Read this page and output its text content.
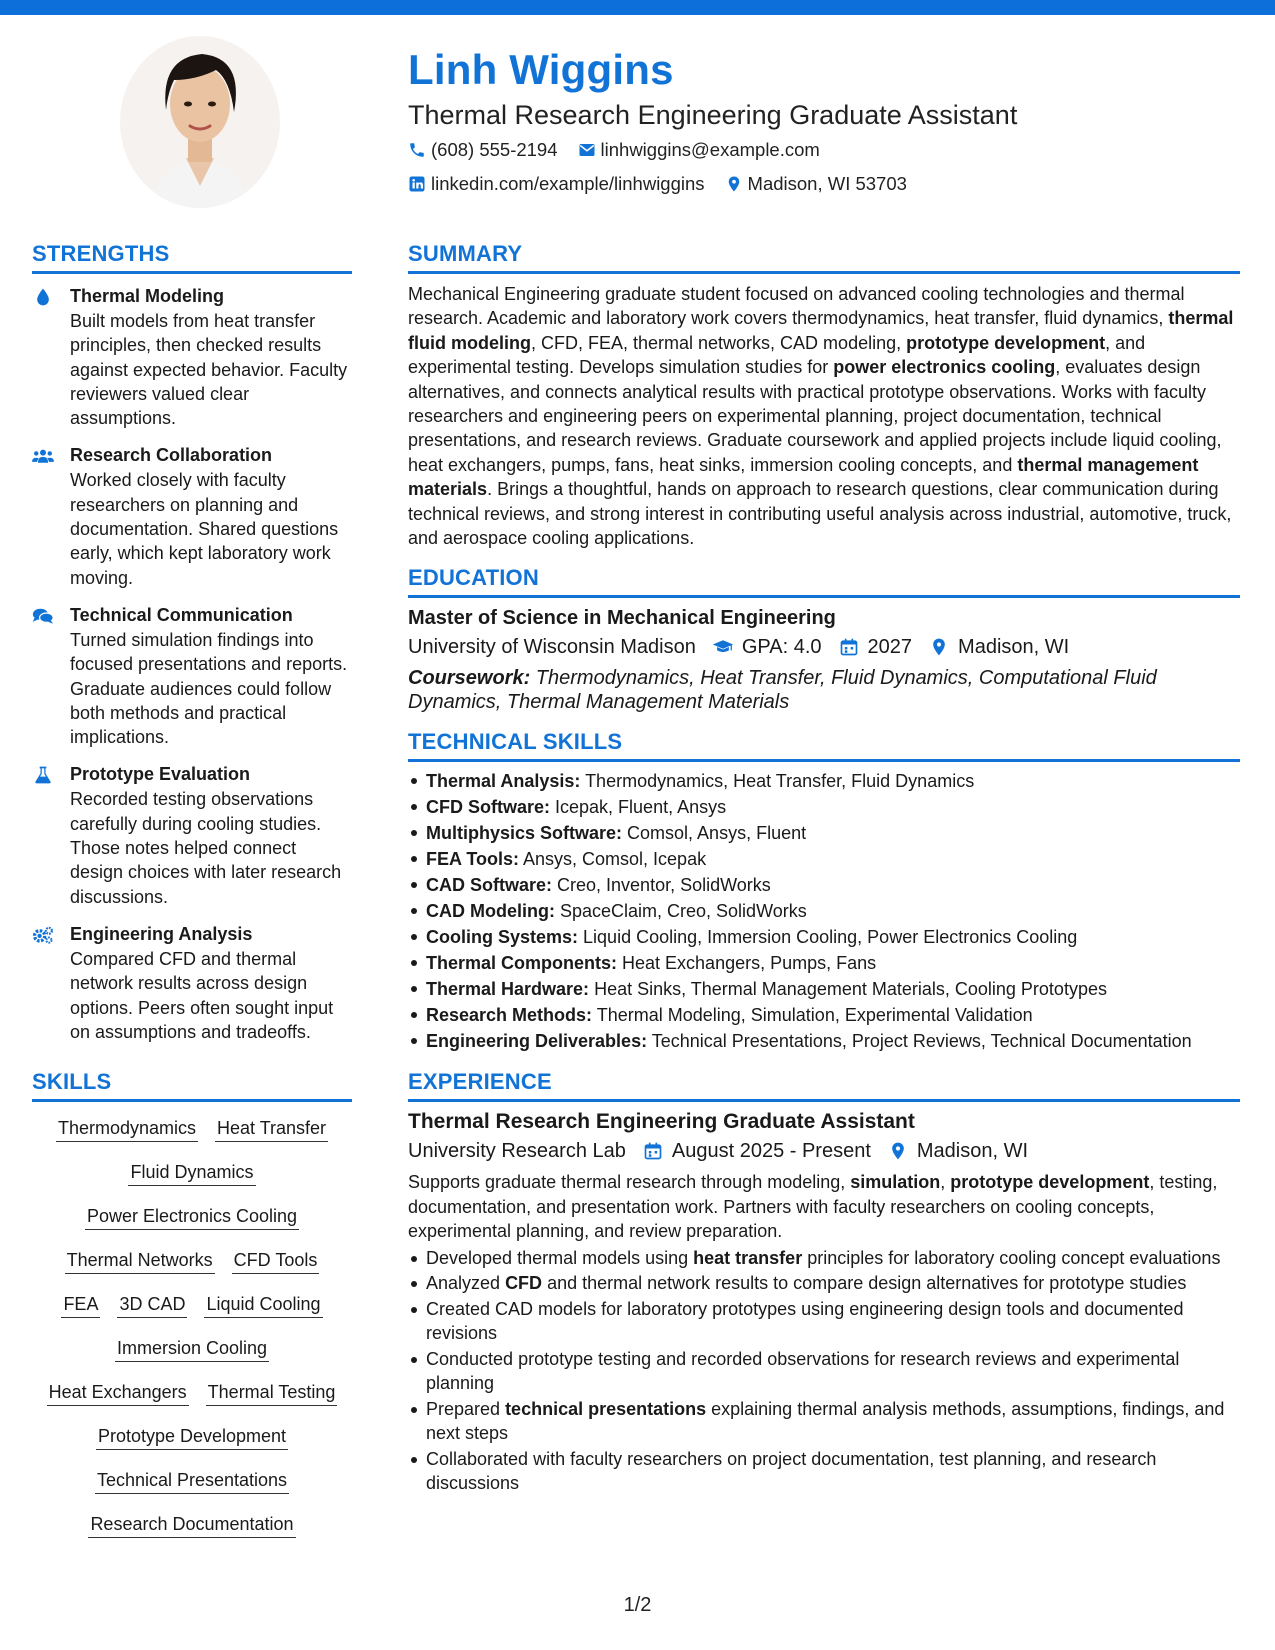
Linh Wiggins
Thermal Research Engineering Graduate Assistant
(608) 555-2194 linhwiggins@example.com
linkedin.com/example/linhwiggins Madison, WI 53703
STRENGTHS
Thermal Modeling
Built models from heat transfer principles, then checked results against expected behavior. Faculty reviewers valued clear assumptions.
Research Collaboration
Worked closely with faculty researchers on planning and documentation. Shared questions early, which kept laboratory work moving.
Technical Communication
Turned simulation findings into focused presentations and reports. Graduate audiences could follow both methods and practical implications.
Prototype Evaluation
Recorded testing observations carefully during cooling studies. Those notes helped connect design choices with later research discussions.
Engineering Analysis
Compared CFD and thermal network results across design options. Peers often sought input on assumptions and tradeoffs.
SKILLS
Thermodynamics Heat Transfer
Fluid Dynamics
Power Electronics Cooling
Thermal Networks CFD Tools
FEA 3D CAD Liquid Cooling
Immersion Cooling
Heat Exchangers Thermal Testing
Prototype Development
Technical Presentations
Research Documentation
SUMMARY

Mechanical Engineering graduate student focused on advanced cooling technologies and thermal research. Academic and laboratory work covers thermodynamics, heat transfer, fluid dynamics, thermal fluid modeling, CFD, FEA, thermal networks, CAD modeling, prototype development, and experimental testing. Develops simulation studies for power electronics cooling, evaluates design alternatives, and connects analytical results with practical prototype observations. Works with faculty researchers and engineering peers on experimental planning, project documentation, technical presentations, and research reviews. Graduate coursework and applied projects include liquid cooling, heat exchangers, pumps, fans, heat sinks, immersion cooling concepts, and thermal management materials. Brings a thoughtful, hands on approach to research questions, clear communication during technical reviews, and strong interest in contributing useful analysis across industrial, automotive, truck, and aerospace cooling applications.

EDUCATION
Master of Science in Mechanical Engineering
University of Wisconsin Madison GPA: 4.0 2027 Madison, WI
Coursework: Thermodynamics, Heat Transfer, Fluid Dynamics, Computational Fluid Dynamics, Thermal Management Materials
TECHNICAL SKILLS
Thermal Analysis: Thermodynamics, Heat Transfer, Fluid Dynamics
CFD Software: Icepak, Fluent, Ansys
Multiphysics Software: Comsol, Ansys, Fluent
FEA Tools: Ansys, Comsol, Icepak
CAD Software: Creo, Inventor, SolidWorks
CAD Modeling: SpaceClaim, Creo, SolidWorks
Cooling Systems: Liquid Cooling, Immersion Cooling, Power Electronics Cooling
Thermal Components: Heat Exchangers, Pumps, Fans
Thermal Hardware: Heat Sinks, Thermal Management Materials, Cooling Prototypes
Research Methods: Thermal Modeling, Simulation, Experimental Validation
Engineering Deliverables: Technical Presentations, Project Reviews, Technical Documentation
EXPERIENCE
Thermal Research Engineering Graduate Assistant
University Research Lab August 2025 - Present Madison, WI

Supports graduate thermal research through modeling, simulation, prototype development, testing, documentation, and presentation work. Partners with faculty researchers on cooling concepts, experimental planning, and review preparation.

Developed thermal models using heat transfer principles for laboratory cooling concept evaluations
Analyzed CFD and thermal network results to compare design alternatives for prototype studies
Created CAD models for laboratory prototypes using engineering design tools and documented revisions
Conducted prototype testing and recorded observations for research reviews and experimental planning
Prepared technical presentations explaining thermal analysis methods, assumptions, findings, and next steps
Collaborated with faculty researchers on project documentation, test planning, and research discussions
1/2
